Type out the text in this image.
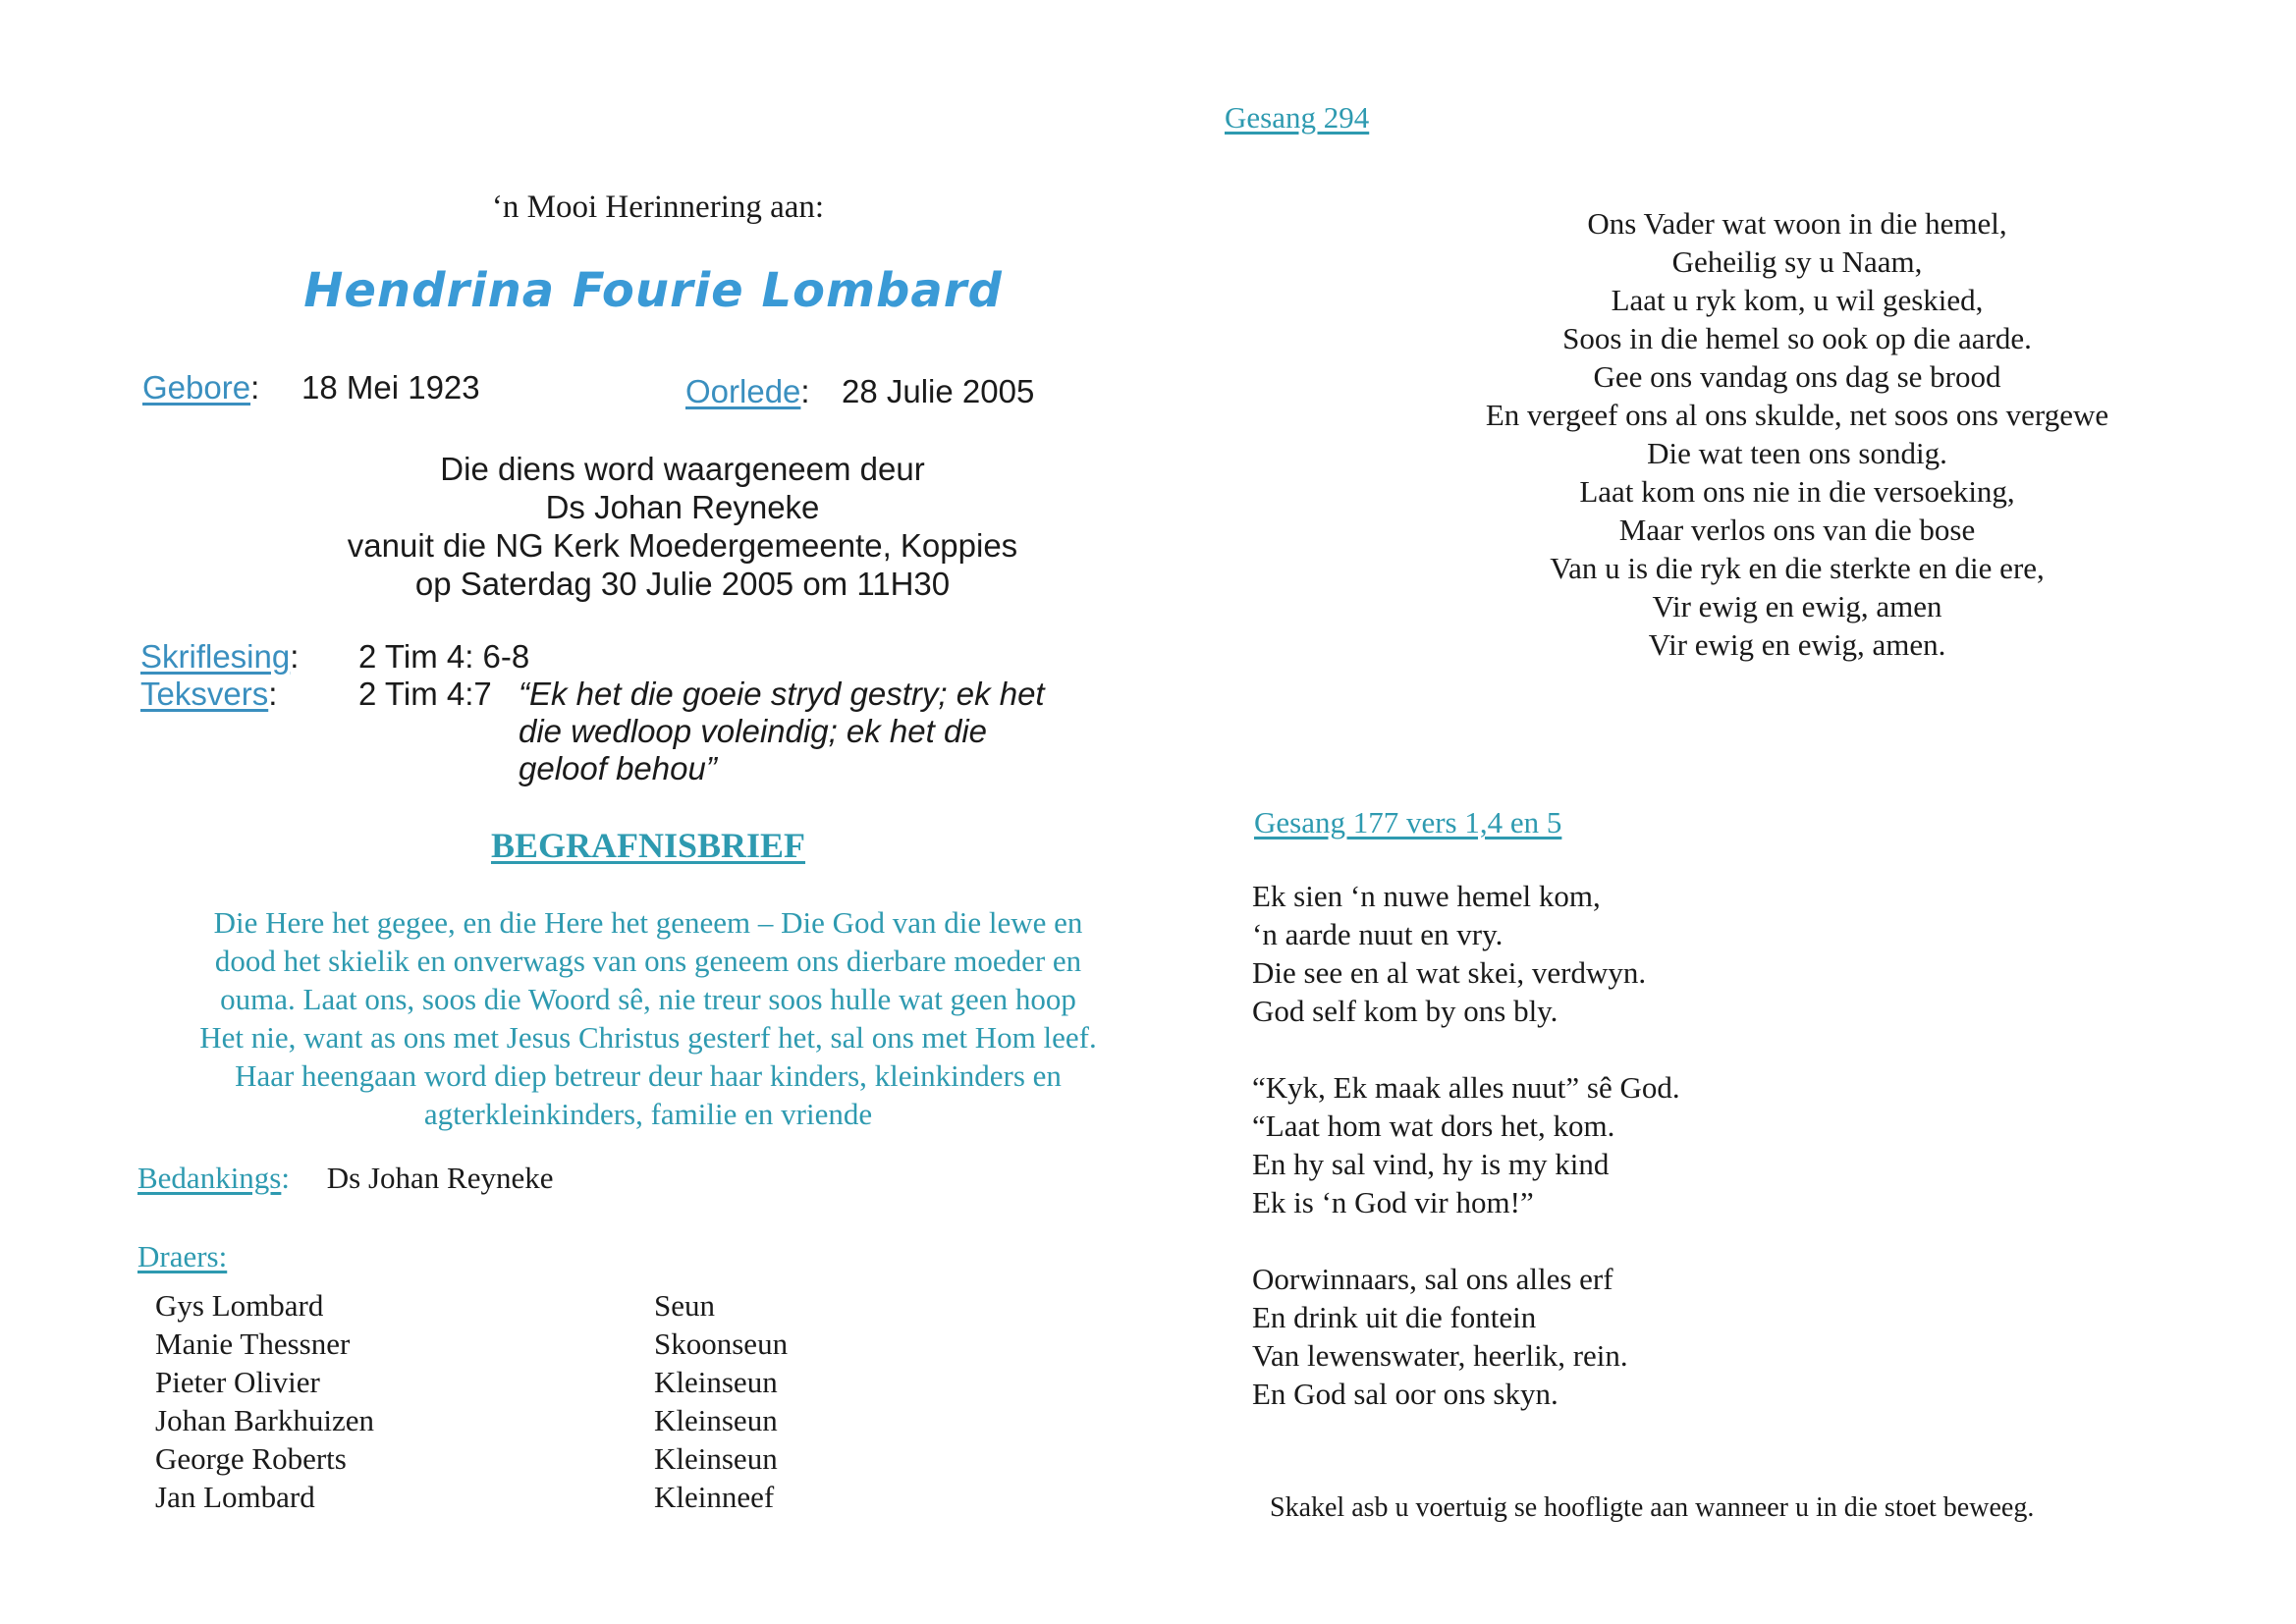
‘n Mooi Herinnering aan:
Hendrina Fourie Lombard
Gebore: 18 Mei 1923	Oorlede: 28 Julie 2005
Die diens word waargeneem deur
Ds Johan Reyneke
vanuit die NG Kerk Moedergemeente, Koppies
op Saterdag 30 Julie 2005 om 11H30
Skriflesing: 2 Tim 4: 6-8
Teksvers:	2 Tim 4:7 “Ek het die goeie stryd gestry; ek het die wedloop voleindig; ek het die geloof behou”
BEGRAFNISBRIEF
Die Here het gegee, en die Here het geneem – Die God van die lewe en
dood het skielik en onverwags van ons geneem ons dierbare moeder en
ouma. Laat ons, soos die Woord sê, nie treur soos hulle wat geen hoop
Het nie, want as ons met Jesus Christus gesterf het, sal ons met Hom leef.
Haar heengaan word diep betreur deur haar kinders, kleinkinders en
agterkleinkinders, familie en vriende
Bedankings: Ds Johan Reyneke
Draers:
Gys Lombard	Seun
Manie Thessner	Skoonseun
Pieter Olivier	Kleinseun
Johan Barkhuizen	Kleinseun
George Roberts	Kleinseun
Jan Lombard	Kleinneef
Gesang 294
Ons Vader wat woon in die hemel,
Geheilig sy u Naam,
Laat u ryk kom, u wil geskied,
Soos in die hemel so ook op die aarde.
Gee ons vandag ons dag se brood
En vergeef ons al ons skulde, net soos ons vergewe
Die wat teen ons sondig.
Laat kom ons nie in die versoeking,
Maar verlos ons van die bose
Van u is die ryk en die sterkte en die ere,
Vir ewig en ewig, amen
Vir ewig en ewig, amen.
Gesang 177 vers 1,4 en 5
Ek sien ‘n nuwe hemel kom,
‘n aarde nuut en vry.
Die see en al wat skei, verdwyn.
God self kom by ons bly.
“Kyk, Ek maak alles nuut” sê God.
“Laat hom wat dors het, kom.
En hy sal vind, hy is my kind
Ek is ‘n God vir hom!”
Oorwinnaars, sal ons alles erf
En drink uit die fontein
Van lewenswater, heerlik, rein.
En God sal oor ons skyn.
Skakel asb u voertuig se hoofligte aan wanneer u in die stoet beweeg.
